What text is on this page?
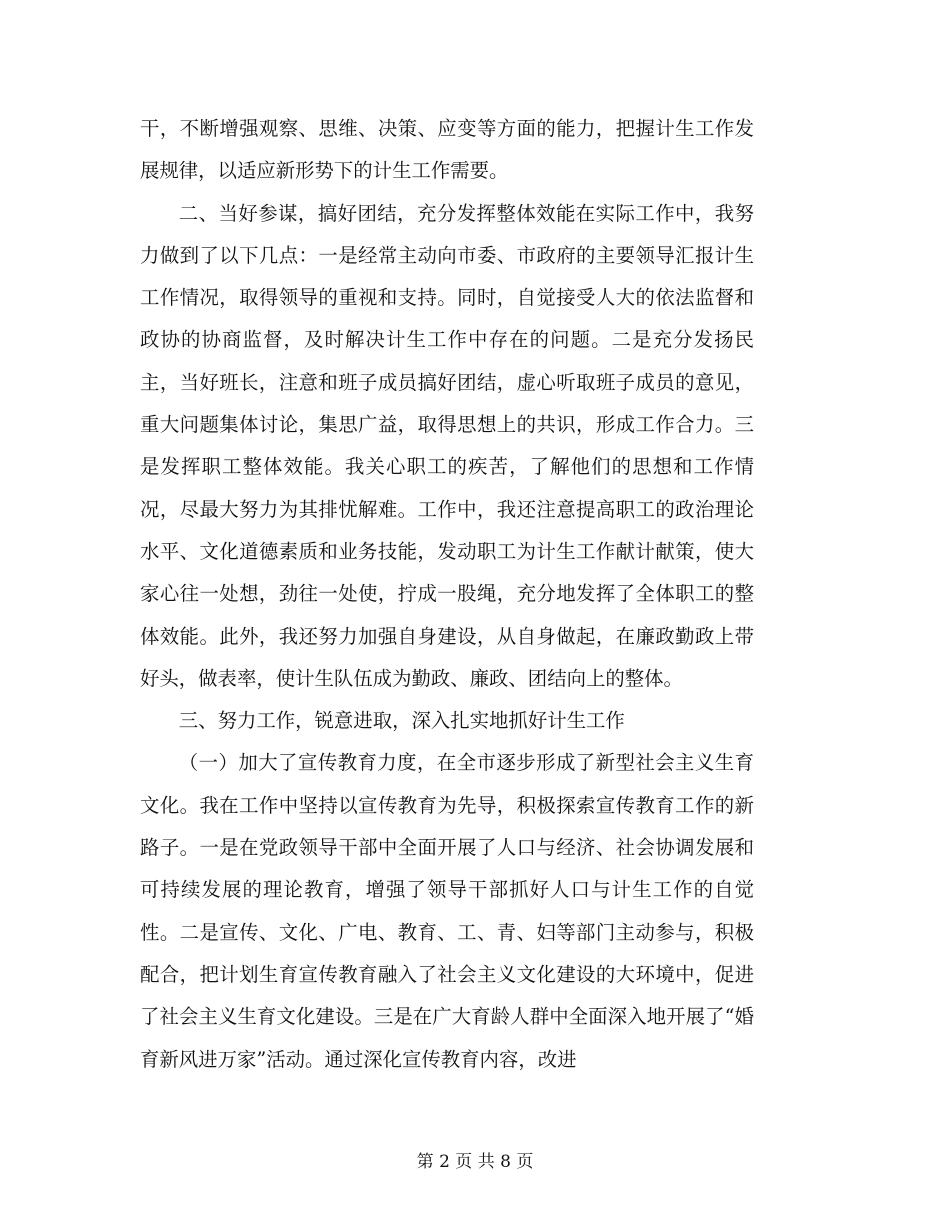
干，不断增强观察、思维、决策、应变等方面的能力，把握计生工作发展规律，以适应新形势下的计生工作需要。

二、当好参谋，搞好团结，充分发挥整体效能在实际工作中，我努力做到了以下几点：一是经常主动向市委、市政府的主要领导汇报计生工作情况，取得领导的重视和支持。同时，自觉接受人大的依法监督和政协的协商监督，及时解决计生工作中存在的问题。二是充分发扬民主，当好班长，注意和班子成员搞好团结，虚心听取班子成员的意见，重大问题集体讨论，集思广益，取得思想上的共识，形成工作合力。三是发挥职工整体效能。我关心职工的疾苦，了解他们的思想和工作情况，尽最大努力为其排忧解难。工作中，我还注意提高职工的政治理论水平、文化道德素质和业务技能，发动职工为计生工作献计献策，使大家心往一处想，劲往一处使，拧成一股绳，充分地发挥了全体职工的整体效能。此外，我还努力加强自身建设，从自身做起，在廉政勤政上带好头，做表率，使计生队伍成为勤政、廉政、团结向上的整体。

三、努力工作，锐意进取，深入扎实地抓好计生工作

（一）加大了宣传教育力度，在全市逐步形成了新型社会主义生育文化。我在工作中坚持以宣传教育为先导，积极探索宣传教育工作的新路子。一是在党政领导干部中全面开展了人口与经济、社会协调发展和可持续发展的理论教育，增强了领导干部抓好人口与计生工作的自觉性。二是宣传、文化、广电、教育、工、青、妇等部门主动参与，积极配合，把计划生育宣传教育融入了社会主义文化建设的大环境中，促进了社会主义生育文化建设。三是在广大育龄人群中全面深入地开展了“婚育新风进万家”活动。通过深化宣传教育内容，改进

第 2 页 共 8 页
